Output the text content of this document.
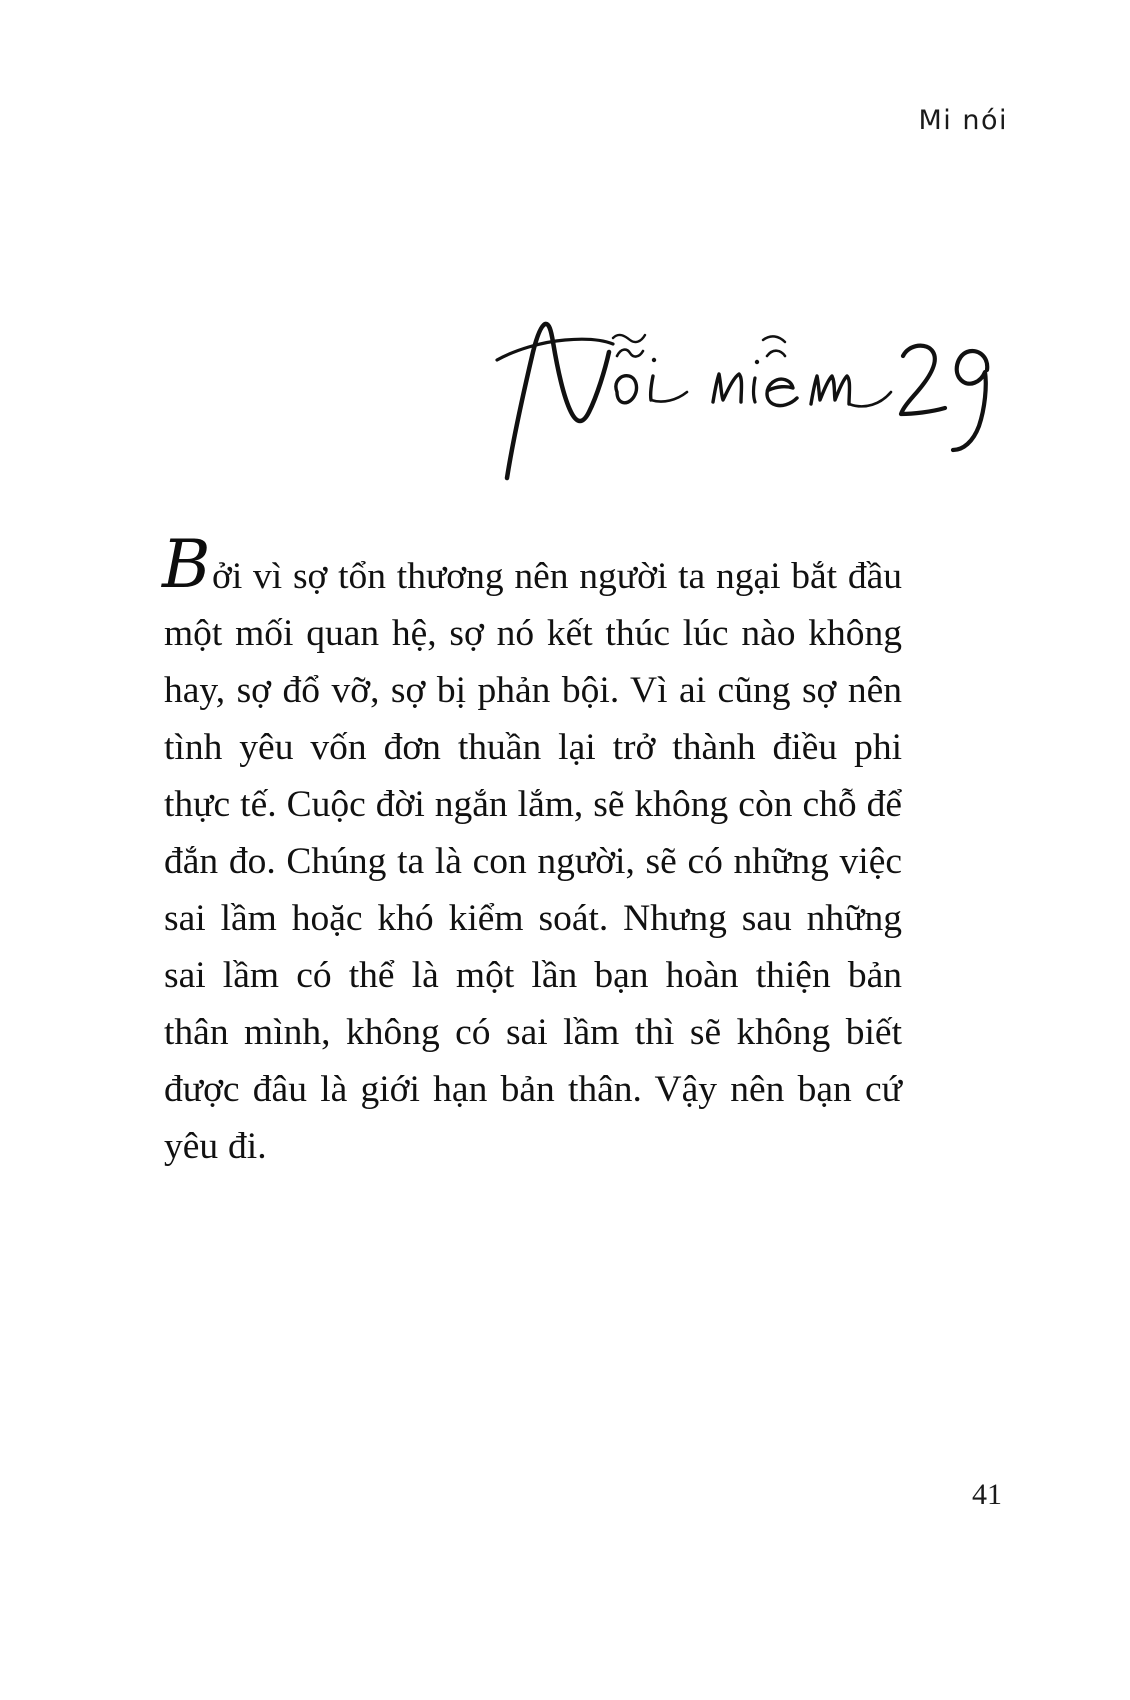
Mi nói

B ởi vì sợ tổn thương nên người ta ngại bắt đầu một mối quan hệ, sợ nó kết thúc lúc nào không hay, sợ đổ vỡ, sợ bị phản bội. Vì ai cũng sợ nên tình yêu vốn đơn thuần lại trở thành điều phi thực tế. Cuộc đời ngắn lắm, sẽ không còn chỗ để đắn đo. Chúng ta là con người, sẽ có những việc sai lầm hoặc khó kiểm soát. Nhưng sau những sai lầm có thể là một lần bạn hoàn thiện bản thân mình, không có sai lầm thì sẽ không biết được đâu là giới hạn bản thân. Vậy nên bạn cứ yêu đi.

41
